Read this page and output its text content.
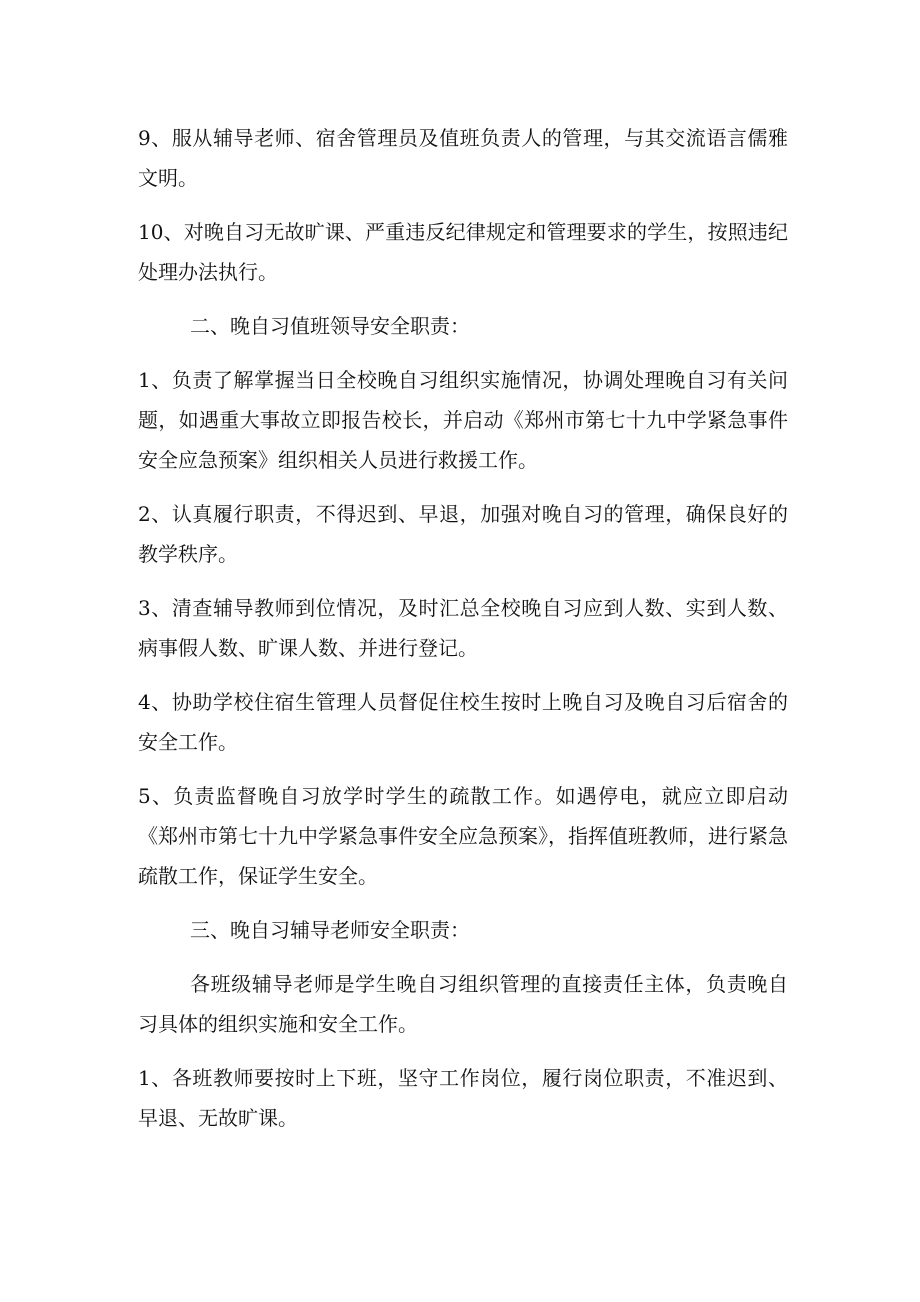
9、服从辅导老师、宿舍管理员及值班负责人的管理，与其交流语言儒雅文明。

10、对晚自习无故旷课、严重违反纪律规定和管理要求的学生，按照违纪处理办法执行。

二、晚自习值班领导安全职责：

1、负责了解掌握当日全校晚自习组织实施情况，协调处理晚自习有关问题，如遇重大事故立即报告校长，并启动《郑州市第七十九中学紧急事件安全应急预案》组织相关人员进行救援工作。

2、认真履行职责，不得迟到、早退，加强对晚自习的管理，确保良好的教学秩序。

3、清查辅导教师到位情况，及时汇总全校晚自习应到人数、实到人数、病事假人数、旷课人数、并进行登记。

4、协助学校住宿生管理人员督促住校生按时上晚自习及晚自习后宿舍的安全工作。

5、负责监督晚自习放学时学生的疏散工作。如遇停电，就应立即启动《郑州市第七十九中学紧急事件安全应急预案》，指挥值班教师，进行紧急疏散工作，保证学生安全。

三、晚自习辅导老师安全职责：

各班级辅导老师是学生晚自习组织管理的直接责任主体，负责晚自习具体的组织实施和安全工作。

1、各班教师要按时上下班，坚守工作岗位，履行岗位职责，不准迟到、早退、无故旷课。
